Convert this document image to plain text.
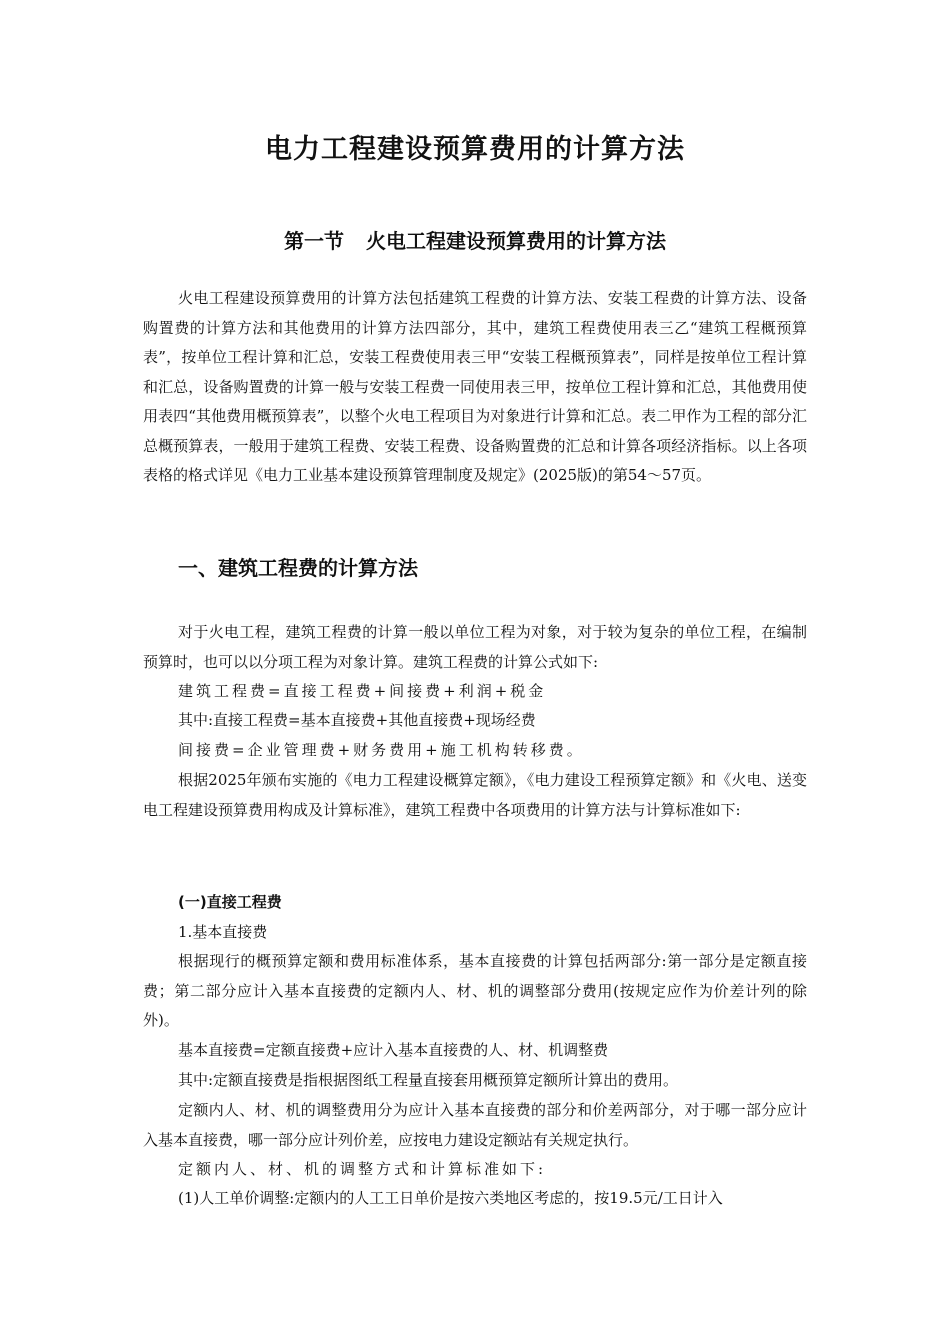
电力工程建设预算费用的计算方法
第一节 火电工程建设预算费用的计算方法

火电工程建设预算费用的计算方法包括建筑工程费的计算方法、安装工程费的计算方法、设备购置费的计算方法和其他费用的计算方法四部分，其中，建筑工程费使用表三乙“建筑工程概预算表”，按单位工程计算和汇总，安装工程费使用表三甲“安装工程概预算表”，同样是按单位工程计算和汇总，设备购置费的计算一般与安装工程费一同使用表三甲，按单位工程计算和汇总，其他费用使用表四“其他费用概预算表”，以整个火电工程项目为对象进行计算和汇总。表二甲作为工程的部分汇总概预算表，一般用于建筑工程费、安装工程费、设备购置费的汇总和计算各项经济指标。以上各项表格的格式详见《电力工业基本建设预算管理制度及规定》(2025版)的第54～57页。

一、建筑工程费的计算方法

对于火电工程，建筑工程费的计算一般以单位工程为对象，对于较为复杂的单位工程，在编制预算时，也可以以分项工程为对象计算。建筑工程费的计算公式如下:

建筑工程费=直接工程费+间接费+利润+税金

其中:直接工程费=基本直接费+其他直接费+现场经费

间接费=企业管理费+财务费用+施工机构转移费。

根据2025年颁布实施的《电力工程建设概算定额》，《电力建设工程预算定额》和《火电、送变电工程建设预算费用构成及计算标准》，建筑工程费中各项费用的计算方法与计算标准如下:

(一)直接工程费

1.基本直接费

根据现行的概预算定额和费用标准体系，基本直接费的计算包括两部分:第一部分是定额直接费；第二部分应计入基本直接费的定额内人、材、机的调整部分费用(按规定应作为价差计列的除外)。

基本直接费=定额直接费+应计入基本直接费的人、材、机调整费

其中:定额直接费是指根据图纸工程量直接套用概预算定额所计算出的费用。

定额内人、材、机的调整费用分为应计入基本直接费的部分和价差两部分，对于哪一部分应计入基本直接费，哪一部分应计列价差，应按电力建设定额站有关规定执行。

定额内人、材、机的调整方式和计算标准如下:

(1)人工单价调整:定额内的人工工日单价是按六类地区考虑的，按19.5元/工日计入
